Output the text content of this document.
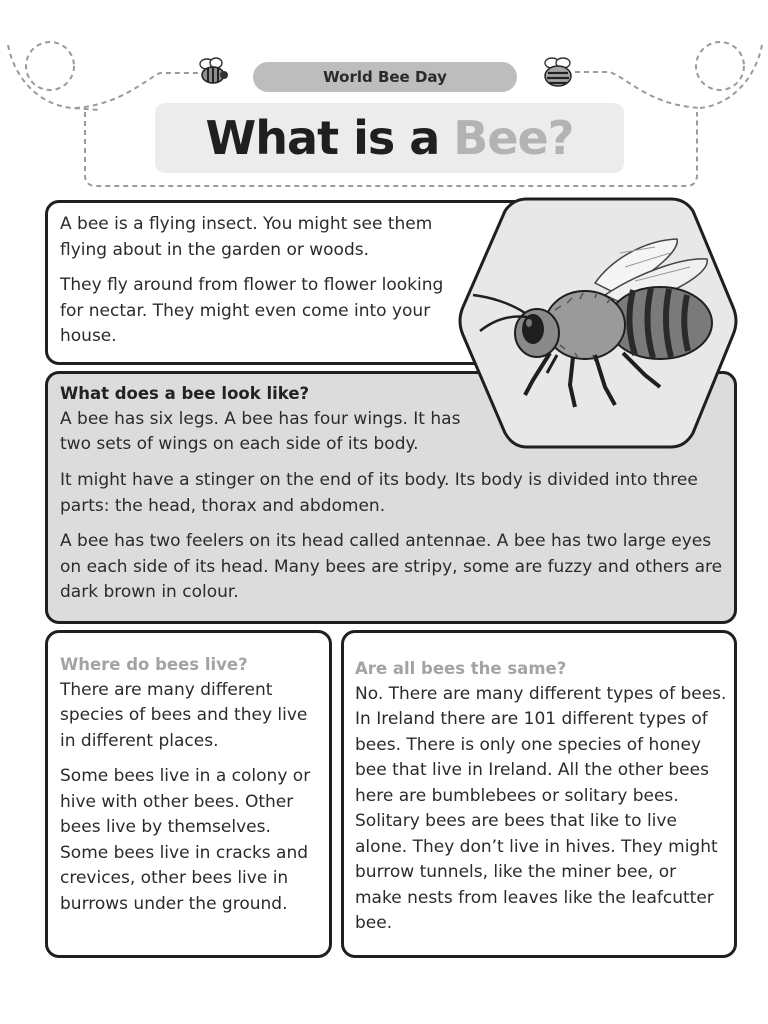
World Bee Day
What is a Bee?

A bee is a flying insect. You might see them flying about in the garden or woods.

They fly around from flower to flower looking for nectar. They might even come into your house.

What does a bee look like?

A bee has six legs. A bee has four wings. It has two sets of wings on each side of its body.

It might have a stinger on the end of its body. Its body is divided into three parts: the head, thorax and abdomen.

A bee has two feelers on its head called antennae. A bee has two large eyes on each side of its head. Many bees are stripy, some are fuzzy and others are dark brown in colour.

Where do bees live?

There are many different species of bees and they live in different places.

Some bees live in a colony or hive with other bees. Other bees live by themselves. Some bees live in cracks and crevices, other bees live in burrows under the ground.

Are all bees the same?

No. There are many different types of bees. In Ireland there are 101 different types of bees. There is only one species of honey bee that live in Ireland. All the other bees here are bumblebees or solitary bees. Solitary bees are bees that like to live alone. They don’t live in hives. They might burrow tunnels, like the miner bee, or make nests from leaves like the leafcutter bee.
